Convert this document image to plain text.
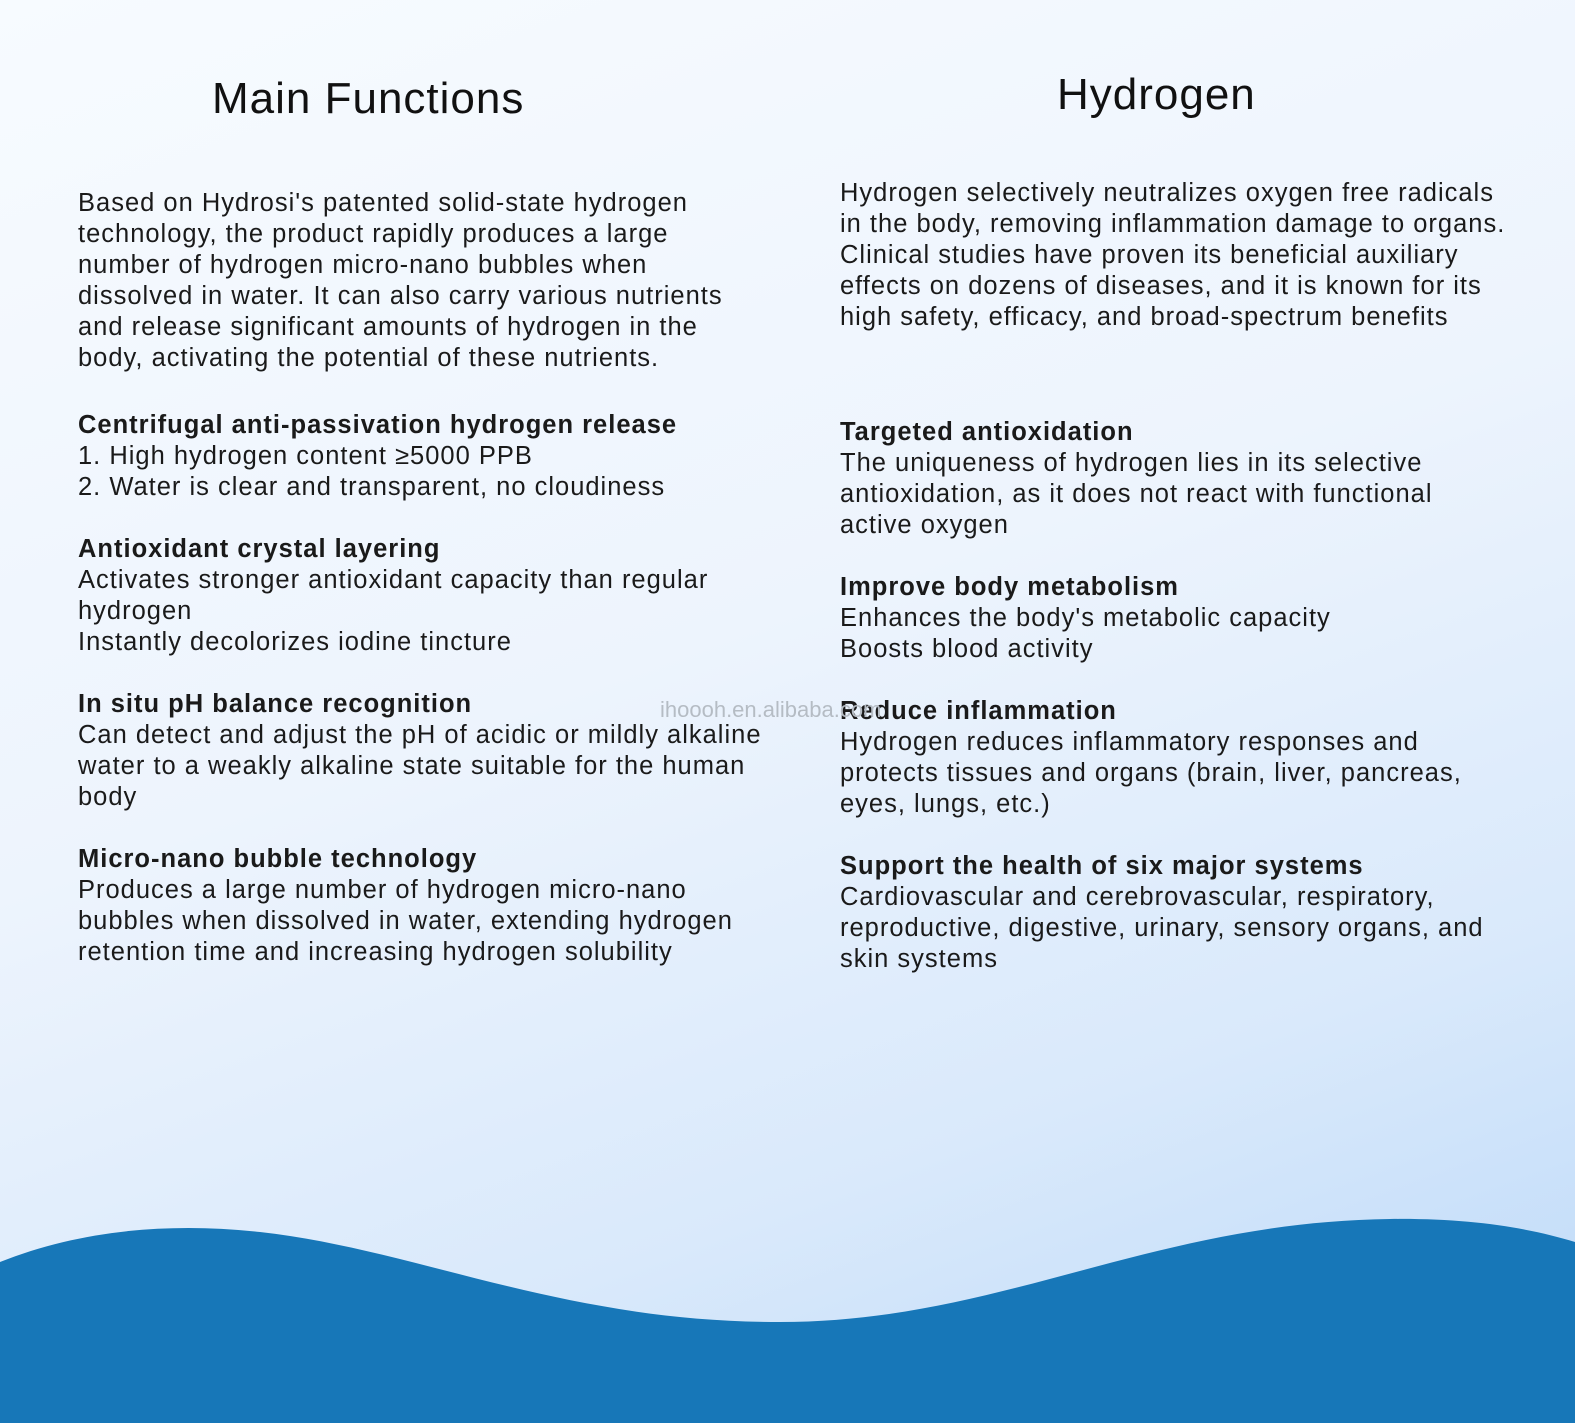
Main Functions	Hydrogen

Based on Hydrosi's patented solid-state hydrogen technology, the product rapidly produces a large number of hydrogen micro-nano bubbles when dissolved in water. It can also carry various nutrients and release significant amounts of hydrogen in the body, activating the potential of these nutrients.

Centrifugal anti-passivation hydrogen release

1. High hydrogen content ≥5000 PPB

2. Water is clear and transparent, no cloudiness

Antioxidant crystal layering

Activates stronger antioxidant capacity than regular hydrogen

Instantly decolorizes iodine tincture

In situ pH balance recognition

Can detect and adjust the pH of acidic or mildly alkaline water to a weakly alkaline state suitable for the human body

Micro-nano bubble technology

Produces a large number of hydrogen micro-nano bubbles when dissolved in water, extending hydrogen retention time and increasing hydrogen solubility

Hydrogen selectively neutralizes oxygen free radicals in the body, removing inflammation damage to organs. Clinical studies have proven its beneficial auxiliary effects on dozens of diseases, and it is known for its high safety, efficacy, and broad-spectrum benefits

Targeted antioxidation

The uniqueness of hydrogen lies in its selective antioxidation, as it does not react with functional active oxygen

Improve body metabolism

Enhances the body's metabolic capacity

Boosts blood activity

Reduce inflammation

Hydrogen reduces inflammatory responses and protects tissues and organs (brain, liver, pancreas, eyes, lungs, etc.)

Support the health of six major systems

Cardiovascular and cerebrovascular, respiratory, reproductive, digestive, urinary, sensory organs, and skin systems

ihoooh.en.alibaba.com
